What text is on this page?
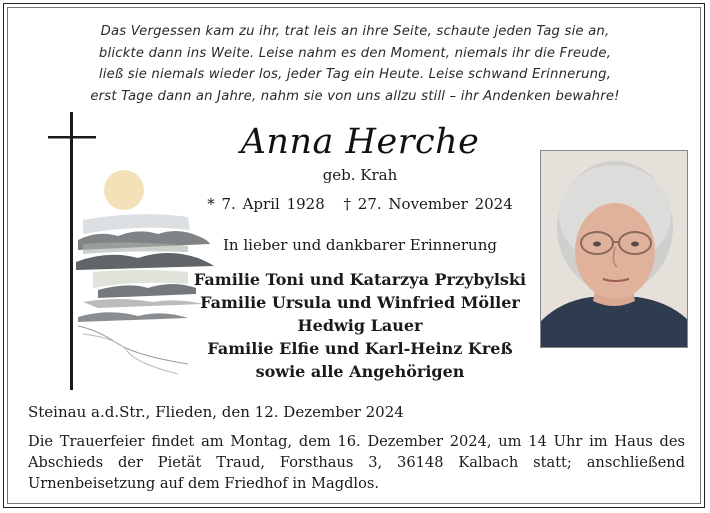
Das Vergessen kam zu ihr, trat leis an ihre Seite, schaute jeden Tag sie an,
blickte dann ins Weite. Leise nahm es den Moment, niemals ihr die Freude,
ließ sie niemals wieder los, jeder Tag ein Heute. Leise schwand Erinnerung,
erst Tage dann an Jahre, nahm sie von uns allzu still – ihr Andenken bewahre!
Anna Herche
geb. Krah
* 7. April 1928 † 27. November 2024
In lieber und dankbarer Erinnerung
Familie Toni und Katarzya Przybylski
Familie Ursula und Winfried Möller
Hedwig Lauer
Familie Elfie und Karl-Heinz Kreß
sowie alle Angehörigen
Steinau a.d.Str., Flieden, den 12. Dezember 2024
Die Trauerfeier findet am Montag, dem 16. Dezember 2024, um 14 Uhr im Haus des Abschieds der Pietät Traud, Forsthaus 3, 36148 Kalbach statt; anschließend Urnenbeisetzung auf dem Friedhof in Magdlos.
